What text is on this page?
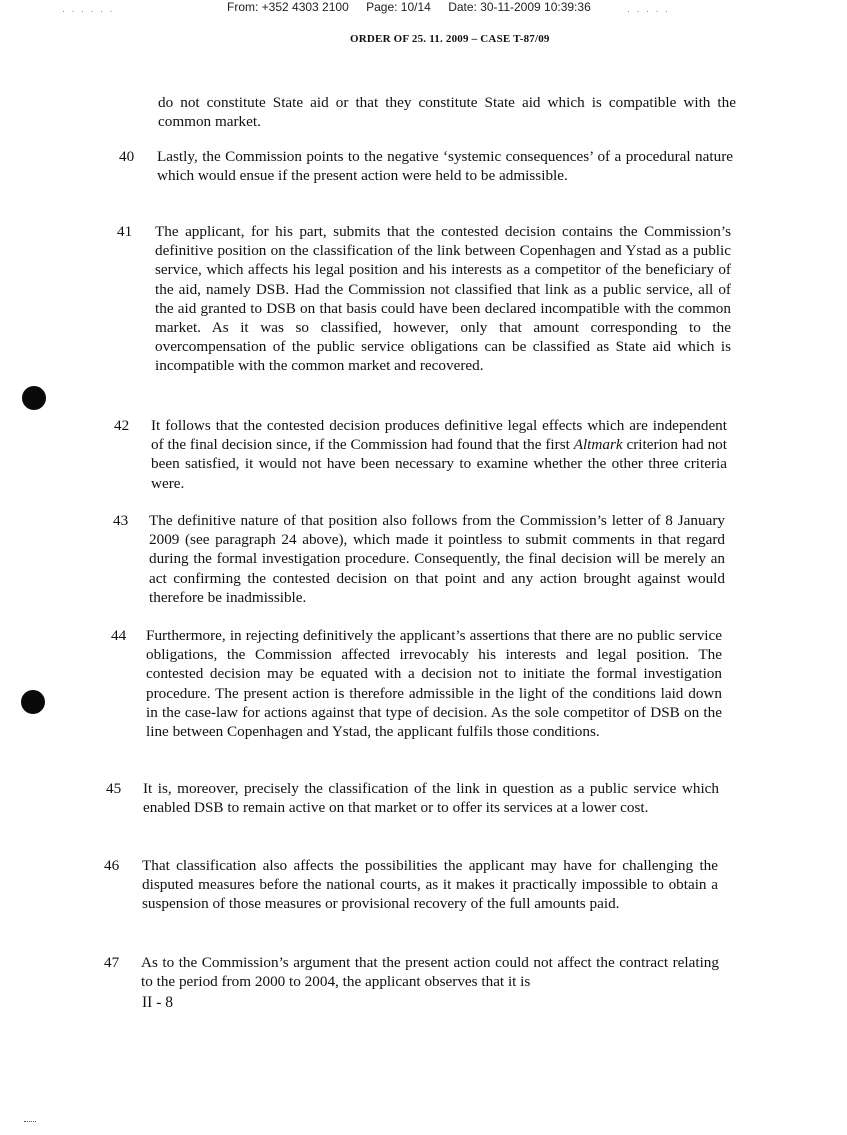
· · · · · ·	From: +352 4303 2100 Page: 10/14 Date: 30-11-2009 10:39:36	· · · · ·
ORDER OF 25. 11. 2009 – CASE T-87/09
do not constitute State aid or that they constitute State aid which is compatible with the common market.
40 Lastly, the Commission points to the negative ‘systemic consequences’ of a procedural nature which would ensue if the present action were held to be admissible.
41 The applicant, for his part, submits that the contested decision contains the Commission’s definitive position on the classification of the link between Copenhagen and Ystad as a public service, which affects his legal position and his interests as a competitor of the beneficiary of the aid, namely DSB. Had the Commission not classified that link as a public service, all of the aid granted to DSB on that basis could have been declared incompatible with the common market. As it was so classified, however, only that amount corresponding to the overcompensation of the public service obligations can be classified as State aid which is incompatible with the common market and recovered.
42 It follows that the contested decision produces definitive legal effects which are independent of the final decision since, if the Commission had found that the first Altmark criterion had not been satisfied, it would not have been necessary to examine whether the other three criteria were.
43 The definitive nature of that position also follows from the Commission’s letter of 8 January 2009 (see paragraph 24 above), which made it pointless to submit comments in that regard during the formal investigation procedure. Consequently, the final decision will be merely an act confirming the contested decision on that point and any action brought against would therefore be inadmissible.
44 Furthermore, in rejecting definitively the applicant’s assertions that there are no public service obligations, the Commission affected irrevocably his interests and legal position. The contested decision may be equated with a decision not to initiate the formal investigation procedure. The present action is therefore admissible in the light of the conditions laid down in the case-law for actions against that type of decision. As the sole competitor of DSB on the line between Copenhagen and Ystad, the applicant fulfils those conditions.
45 It is, moreover, precisely the classification of the link in question as a public service which enabled DSB to remain active on that market or to offer its services at a lower cost.
46 That classification also affects the possibilities the applicant may have for challenging the disputed measures before the national courts, as it makes it practically impossible to obtain a suspension of those measures or provisional recovery of the full amounts paid.
47 As to the Commission’s argument that the present action could not affect the contract relating to the period from 2000 to 2004, the applicant observes that it is
II - 8
